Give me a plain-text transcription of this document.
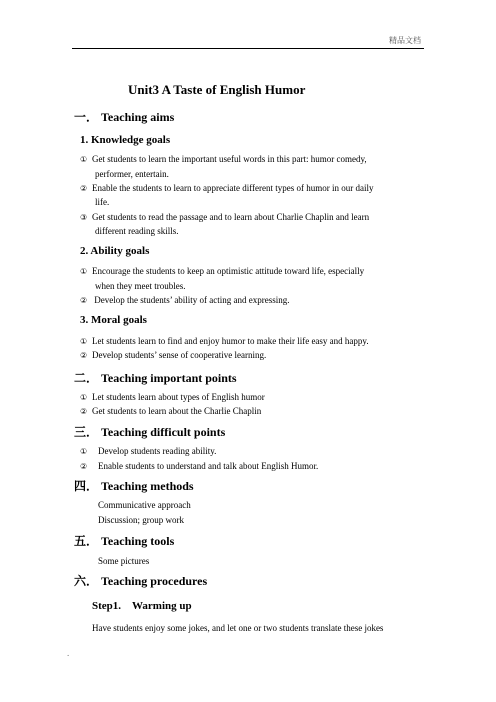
精品文档
Unit3 A Taste of English Humor
一． Teaching aims
1. Knowledge goals
① Get students to learn the important useful words in this part: humor comedy,
performer, entertain.
② Enable the students to learn to appreciate different types of humor in our daily
life.
③ Get students to read the passage and to learn about Charlie Chaplin and learn
different reading skills.
2. Ability goals
① Encourage the students to keep an optimistic attitude toward life, especially
when they meet troubles.
② Develop the students’ ability of acting and expressing.
3. Moral goals
① Let students learn to find and enjoy humor to make their life easy and happy.
② Develop students’ sense of cooperative learning.
二． Teaching important points
① Let students learn about types of English humor
② Get students to learn about the Charlie Chaplin
三． Teaching difficult points
① Develop students reading ability.
② Enable students to understand and talk about English Humor.
四． Teaching methods
Communicative approach
Discussion; group work
五． Teaching tools
Some pictures
六． Teaching procedures
Step1. Warming up
Have students enjoy some jokes, and let one or two students translate these jokes
.
